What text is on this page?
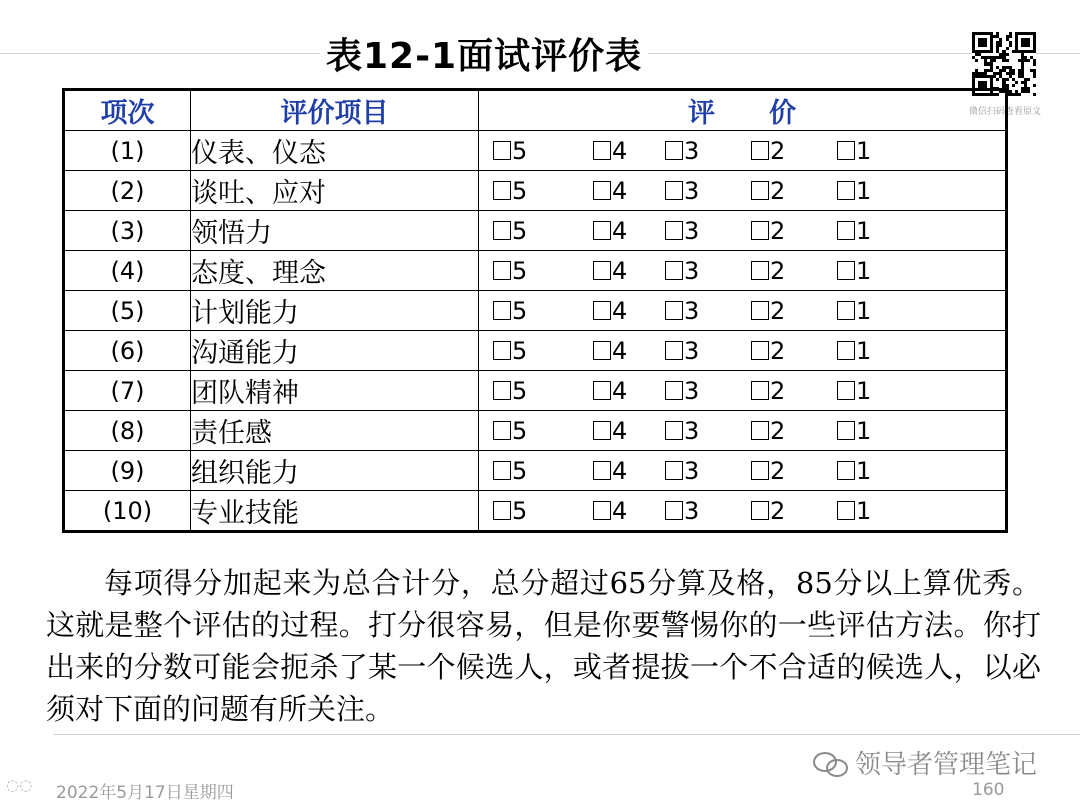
表12-1面试评价表
微信扫码查看原文
项次	评价项目	评　　价
(1)	仪表、仪态	5 4 3 2 1

(2)	谈吐、应对	5 4 3 2 1

(3)	领悟力	5 4 3 2 1

(4)	态度、理念	5 4 3 2 1

(5)	计划能力	5 4 3 2 1

(6)	沟通能力	5 4 3 2 1

(7)	团队精神	5 4 3 2 1

(8)	责任感	5 4 3 2 1

(9)	组织能力	5 4 3 2 1

(10)	专业技能	5 4 3 2 1
每项得分加起来为总合计分，总分超过65分算及格，85分以上算优秀。这就是整个评估的过程。打分很容易，但是你要警惕你的一些评估方法。你打出来的分数可能会扼杀了某一个候选人，或者提拔一个不合适的候选人，以必须对下面的问题有所关注。
领导者管理笔记
◌◌ 2022年5月17日星期四	160
